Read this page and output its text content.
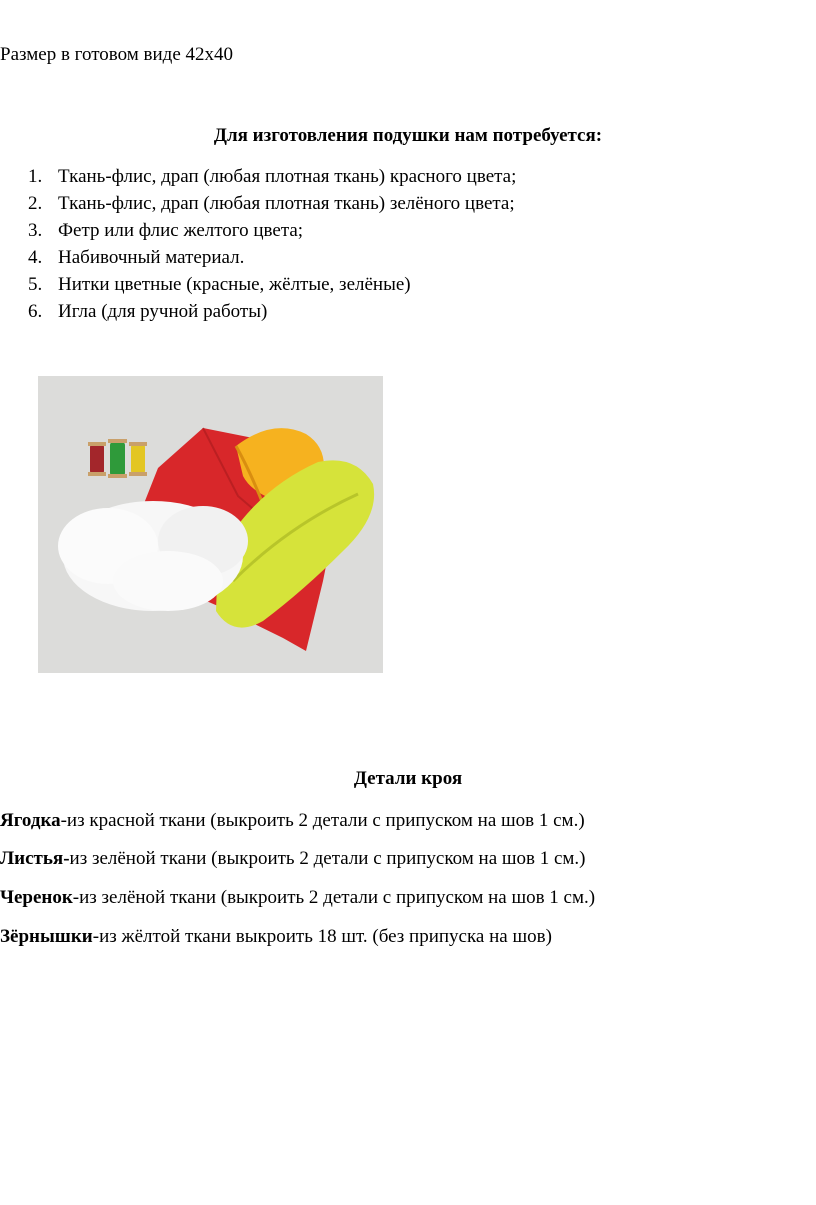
Размер в готовом виде 42х40
Для изготовления подушки нам потребуется:
1. Ткань-флис, драп (любая плотная ткань) красного цвета;
2. Ткань-флис, драп (любая плотная ткань) зелёного цвета;
3. Фетр или флис желтого цвета;
4. Набивочный материал.
5. Нитки цветные (красные, жёлтые, зелёные)
6. Игла (для ручной работы)
Детали кроя
Ягодка-из красной ткани (выкроить 2 детали с припуском на шов 1 см.)
Листья-из зелёной ткани (выкроить 2 детали с припуском на шов 1 см.)
Черенок-из зелёной ткани (выкроить 2 детали с припуском на шов 1 см.)
Зёрнышки-из жёлтой ткани выкроить 18 шт. (без припуска на шов)
